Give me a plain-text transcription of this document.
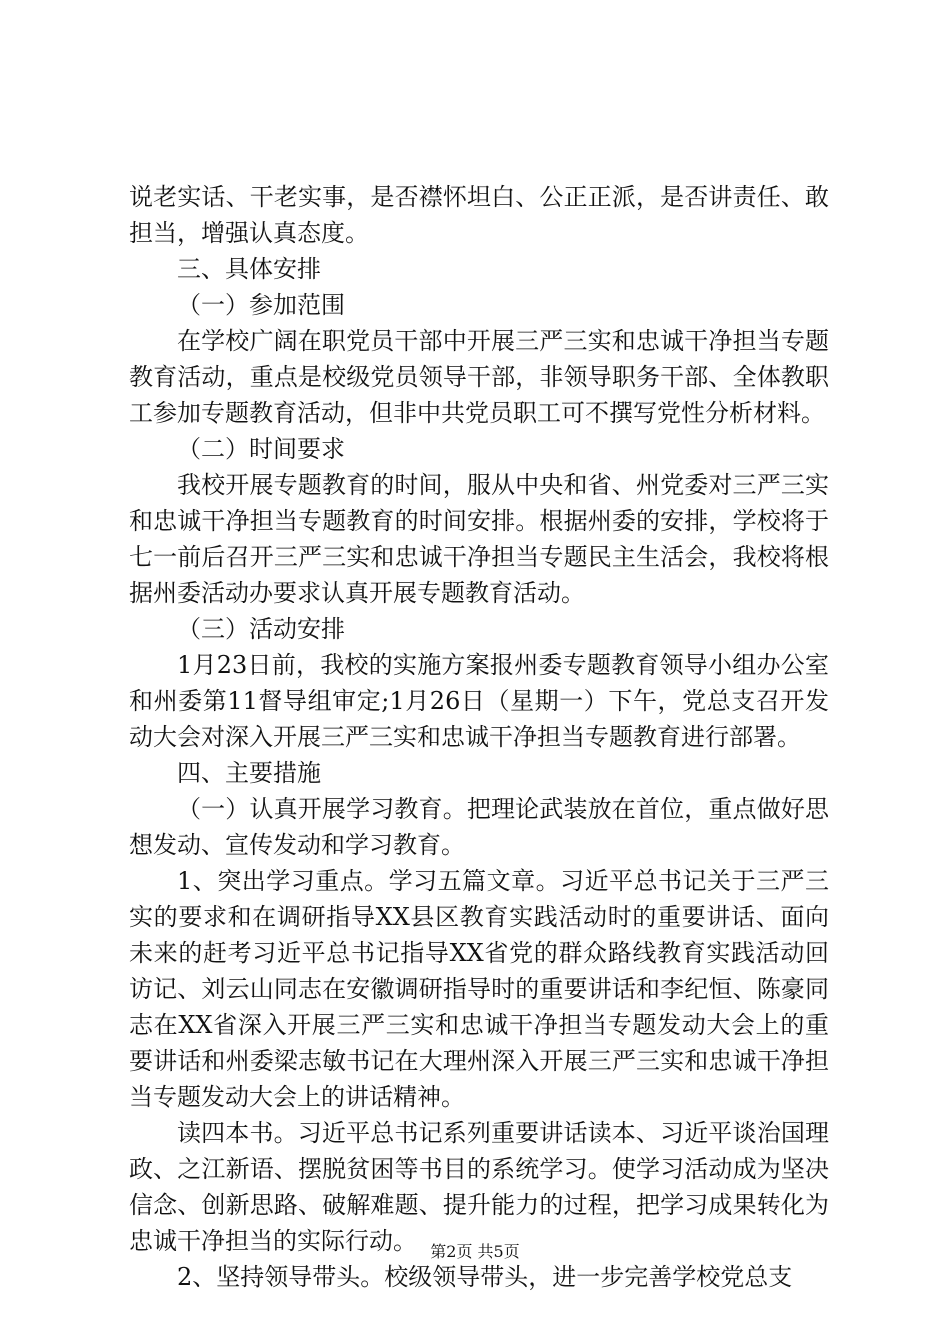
说老实话、干老实事，是否襟怀坦白、公正正派，是否讲责任、敢担当，增强认真态度。

三、具体安排

（一）参加范围

在学校广阔在职党员干部中开展三严三实和忠诚干净担当专题教育活动，重点是校级党员领导干部，非领导职务干部、全体教职工参加专题教育活动，但非中共党员职工可不撰写党性分析材料。

（二）时间要求

我校开展专题教育的时间，服从中央和省、州党委对三严三实和忠诚干净担当专题教育的时间安排。根据州委的安排，学校将于七一前后召开三严三实和忠诚干净担当专题民主生活会，我校将根据州委活动办要求认真开展专题教育活动。

（三）活动安排

1月23日前，我校的实施方案报州委专题教育领导小组办公室和州委第11督导组审定;1月26日（星期一）下午，党总支召开发动大会对深入开展三严三实和忠诚干净担当专题教育进行部署。

四、主要措施

（一）认真开展学习教育。把理论武装放在首位，重点做好思想发动、宣传发动和学习教育。

1、突出学习重点。学习五篇文章。习近平总书记关于三严三实的要求和在调研指导XX县区教育实践活动时的重要讲话、面向未来的赶考习近平总书记指导XX省党的群众路线教育实践活动回访记、刘云山同志在安徽调研指导时的重要讲话和李纪恒、陈豪同志在XX省深入开展三严三实和忠诚干净担当专题发动大会上的重要讲话和州委梁志敏书记在大理州深入开展三严三实和忠诚干净担当专题发动大会上的讲话精神。

读四本书。习近平总书记系列重要讲话读本、习近平谈治国理政、之江新语、摆脱贫困等书目的系统学习。使学习活动成为坚决信念、创新思路、破解难题、提升能力的过程，把学习成果转化为忠诚干净担当的实际行动。

2、坚持领导带头。校级领导带头，进一步完善学校党总支

第2页 共5页
